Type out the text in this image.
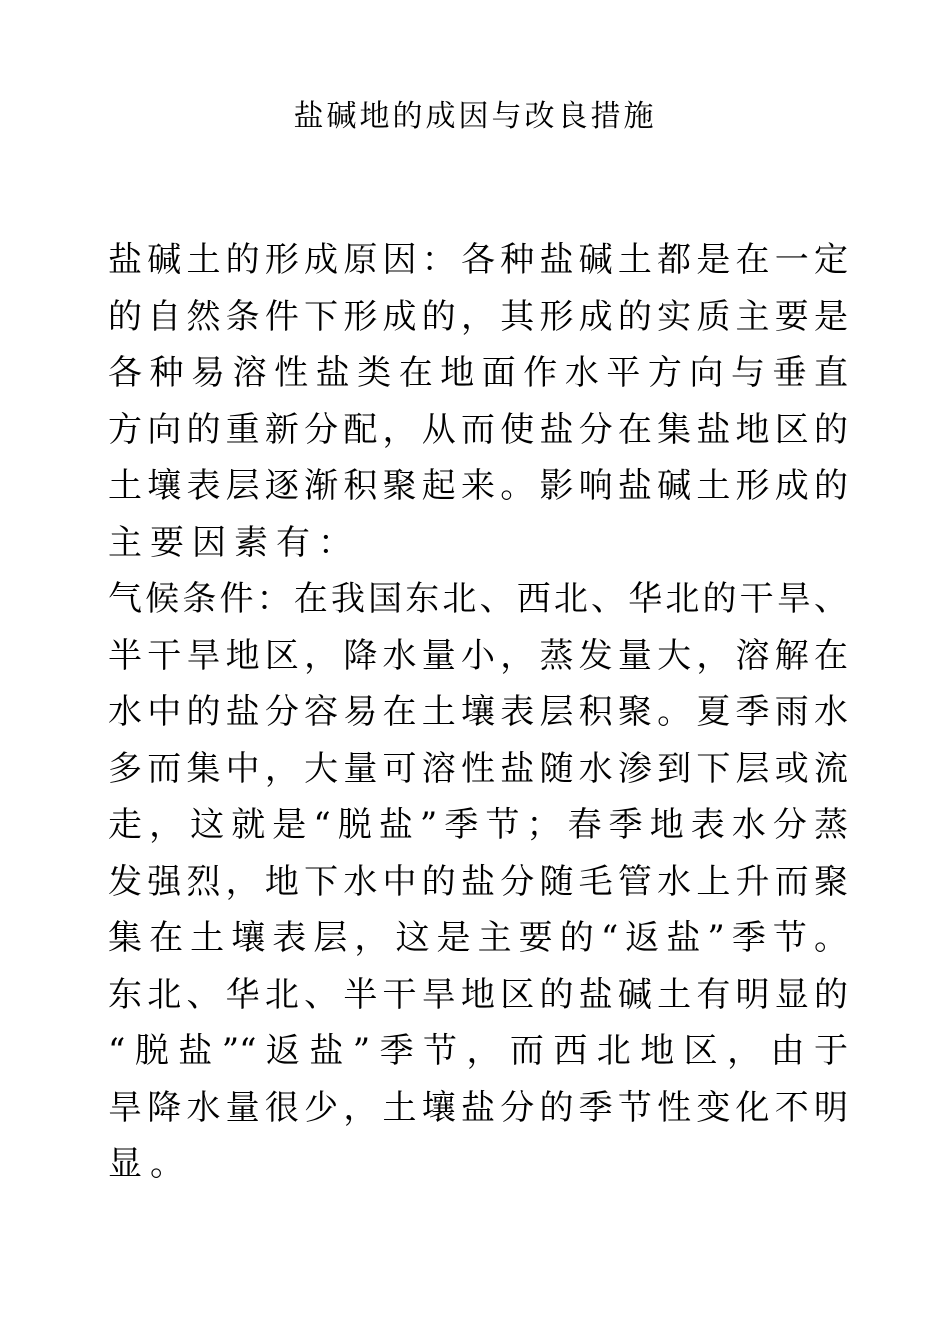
盐碱地的成因与改良措施
盐碱土的形成原因：各种盐碱土都是在一定
的自然条件下形成的，其形成的实质主要是
各种易溶性盐类在地面作水平方向与垂直
方向的重新分配，从而使盐分在集盐地区的
土壤表层逐渐积聚起来。影响盐碱土形成的
主要因素有：
气候条件：在我国东北、西北、华北的干旱、
半干旱地区，降水量小，蒸发量大，溶解在
水中的盐分容易在土壤表层积聚。夏季雨水
多而集中，大量可溶性盐随水渗到下层或流
走，这就是“脱盐”季节；春季地表水分蒸
发强烈，地下水中的盐分随毛管水上升而聚
集在土壤表层，这是主要的“返盐”季节。
东北、华北、半干旱地区的盐碱土有明显的
“脱盐”“返盐”季节，而西北地区，由于
旱降水量很少，土壤盐分的季节性变化不明
显。
